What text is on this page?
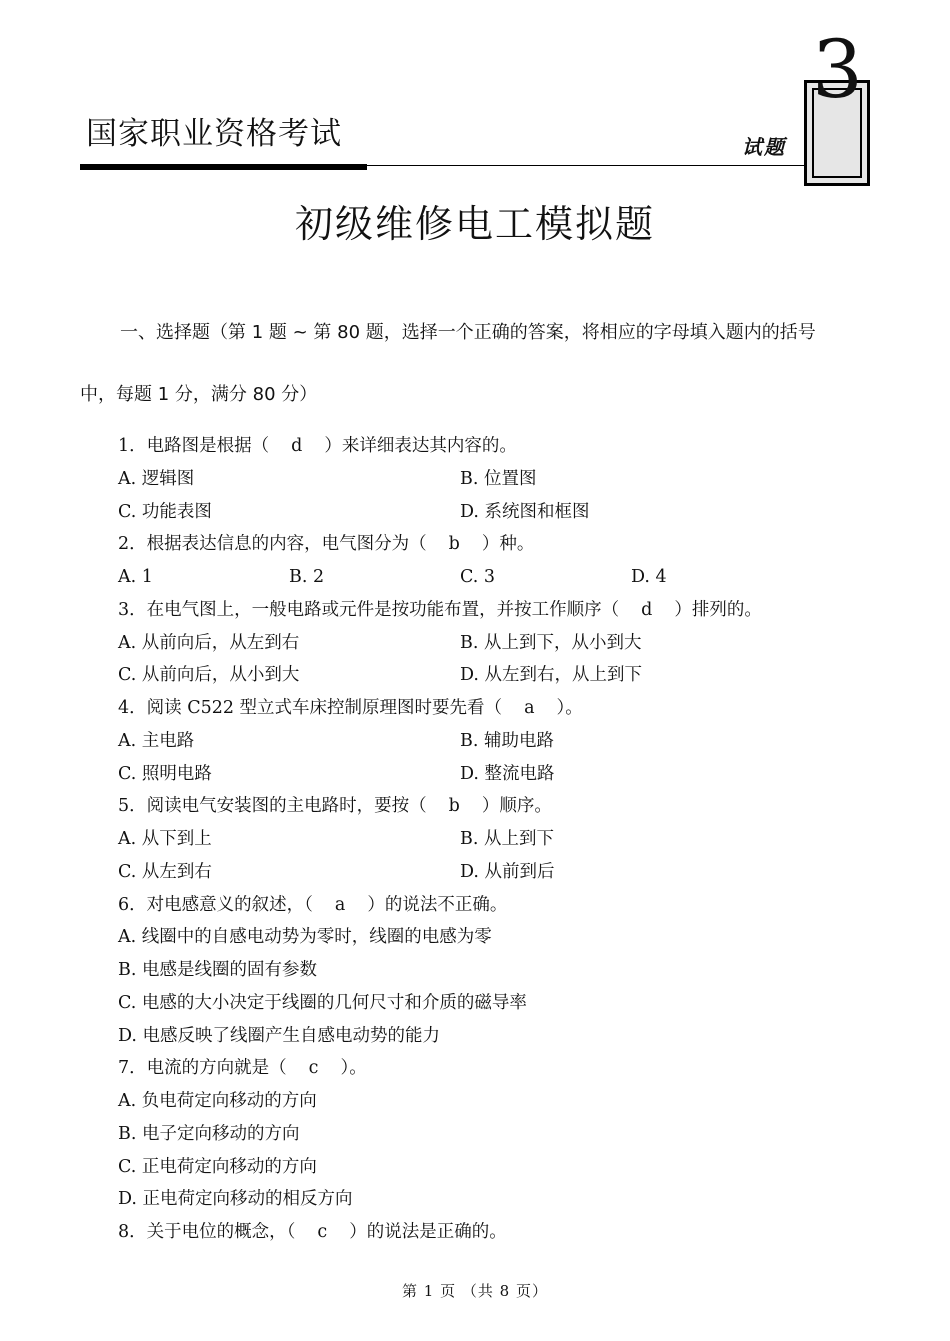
国家职业资格考试	试题
3
初级维修电工模拟题
一、选择题（第 1 题 ~ 第 80 题，选择一个正确的答案，将相应的字母填入题内的括号
中，每题 1 分，满分 80 分）
1．电路图是根据（ d ）来详细表达其内容的。
A. 逻辑图	B. 位置图
C. 功能表图	D. 系统图和框图
2．根据表达信息的内容，电气图分为（ b ）种。
A. 1	B. 2	C. 3	D. 4
3．在电气图上，一般电路或元件是按功能布置，并按工作顺序（ d ）排列的。
A. 从前向后，从左到右	B. 从上到下，从小到大
C. 从前向后，从小到大	D. 从左到右，从上到下
4．阅读 C522 型立式车床控制原理图时要先看（ a ）。
A. 主电路	B. 辅助电路
C. 照明电路	D. 整流电路
5．阅读电气安装图的主电路时，要按（ b ）顺序。
A. 从下到上	B. 从上到下
C. 从左到右	D. 从前到后
6．对电感意义的叙述，（ a ）的说法不正确。
A. 线圈中的自感电动势为零时，线圈的电感为零
B. 电感是线圈的固有参数
C. 电感的大小决定于线圈的几何尺寸和介质的磁导率
D. 电感反映了线圈产生自感电动势的能力
7．电流的方向就是（ c ）。
A. 负电荷定向移动的方向
B. 电子定向移动的方向
C. 正电荷定向移动的方向
D. 正电荷定向移动的相反方向
8．关于电位的概念，（ c ）的说法是正确的。
第 1 页 （共 8 页）
